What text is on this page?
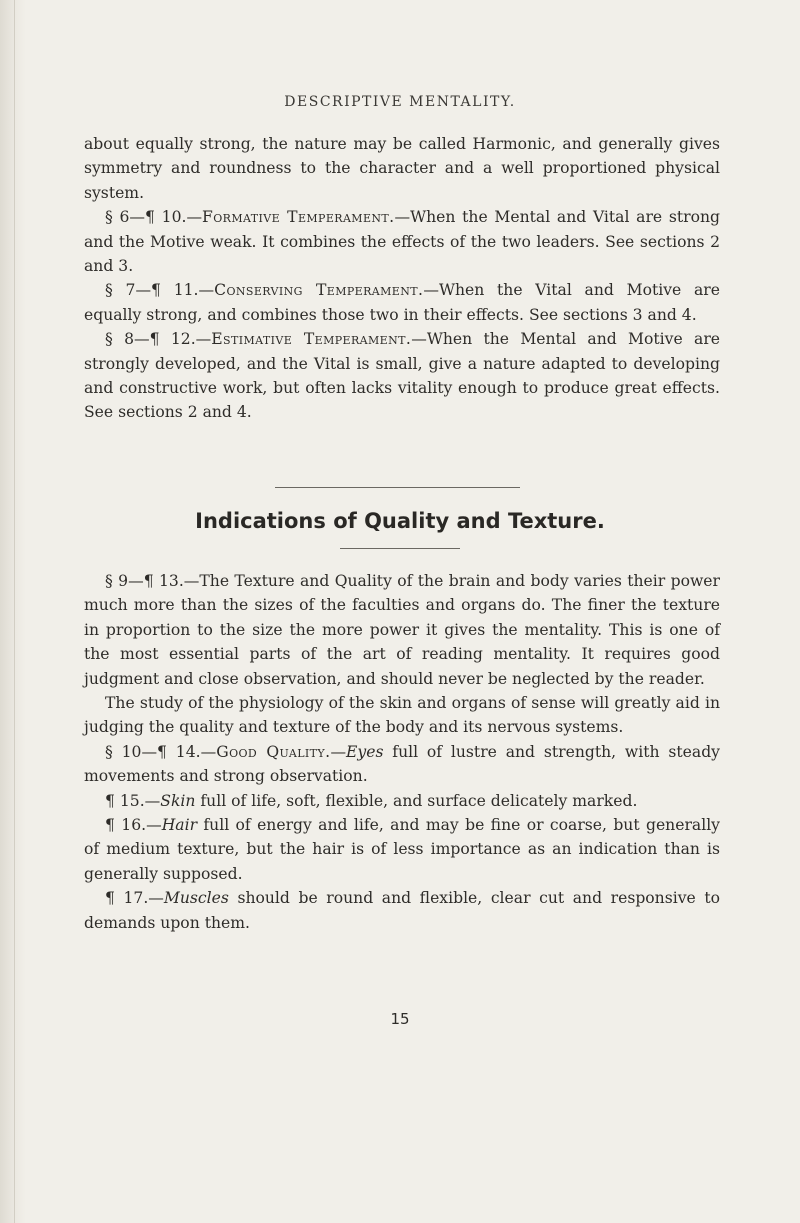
DESCRIPTIVE MENTALITY.

about equally strong, the nature may be called Harmonic, and generally gives symmetry and roundness to the character and a well proportioned physical system.

§ 6—¶ 10.—Formative Temperament.—When the Mental and Vital are strong and the Motive weak. It combines the effects of the two leaders. See sections 2 and 3.

§ 7—¶ 11.—Conserving Temperament.—When the Vital and Motive are equally strong, and combines those two in their effects. See sections 3 and 4.

§ 8—¶ 12.—Estimative Temperament.—When the Mental and Motive are strongly developed, and the Vital is small, give a nature adapted to developing and constructive work, but often lacks vitality enough to produce great effects. See sections 2 and 4.

Indications of Quality and Texture.

§ 9—¶ 13.—The Texture and Quality of the brain and body varies their power much more than the sizes of the faculties and organs do. The finer the texture in proportion to the size the more power it gives the mentality. This is one of the most essential parts of the art of reading mentality. It requires good judgment and close observation, and should never be neglected by the reader.

The study of the physiology of the skin and organs of sense will greatly aid in judging the quality and texture of the body and its nervous systems.

§ 10—¶ 14.—Good Quality.—Eyes full of lustre and strength, with steady movements and strong observation.

¶ 15.—Skin full of life, soft, flexible, and surface delicately marked.

¶ 16.—Hair full of energy and life, and may be fine or coarse, but generally of medium texture, but the hair is of less importance as an indication than is generally supposed.

¶ 17.—Muscles should be round and flexible, clear cut and responsive to demands upon them.

15
